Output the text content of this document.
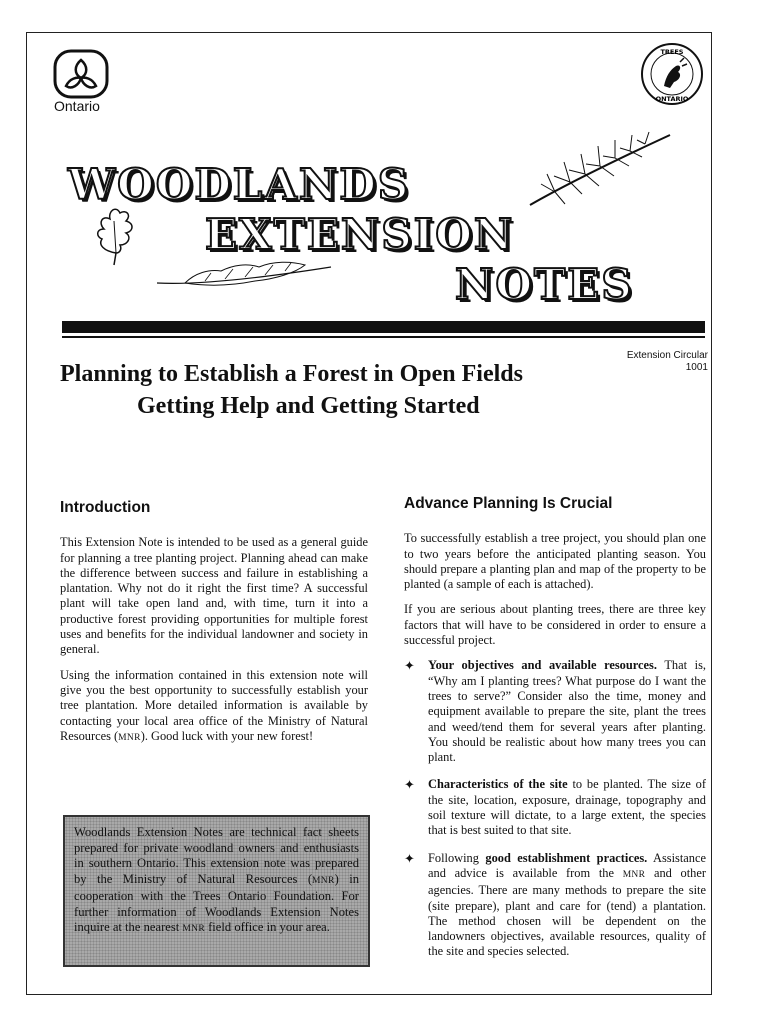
Ontario
TREES
ONTARIO
WOODLANDS
EXTENSION
NOTES
Extension Circular
1001
Planning to Establish a Forest in Open Fields
Getting Help and Getting Started
Introduction

This Extension Note is intended to be used as a general guide for planning a tree planting project. Planning ahead can make the difference between success and failure in establishing a plantation. Why not do it right the first time? A successful plant will take open land and, with time, turn it into a productive forest providing opportunities for multiple forest uses and benefits for the individual landowner and society in general.

Using the information contained in this extension note will give you the best opportunity to successfully establish your tree plantation. More detailed information is available by contacting your local area office of the Ministry of Natural Resources (MNR). Good luck with your new forest!

Woodlands Extension Notes are technical fact sheets prepared for private woodland owners and enthusiasts in southern Ontario. This extension note was prepared by the Ministry of Natural Resources (MNR) in cooperation with the Trees Ontario Foundation. For further information of Woodlands Extension Notes inquire at the nearest MNR field office in your area.
Advance Planning Is Crucial

To successfully establish a tree project, you should plan one to two years before the anticipated planting season. You should prepare a planting plan and map of the property to be planted (a sample of each is attached).

If you are serious about planting trees, there are three key factors that will have to be considered in order to ensure a successful project.

✦ Your objectives and available resources. That is, “Why am I planting trees? What purpose do I want the trees to serve?” Consider also the time, money and equipment available to prepare the site, plant the trees and weed/tend them for several years after planting. You should be realistic about how many trees you can plant.
✦ Characteristics of the site to be planted. The size of the site, location, exposure, drainage, topography and soil texture will dictate, to a large extent, the species that is best suited to that site.
✦ Following good establishment practices. Assistance and advice is available from the MNR and other agencies. There are many methods to prepare the site (site prepare), plant and care for (tend) a plantation. The method chosen will be dependent on the landowners objectives, available resources, quality of the site and species selected.
